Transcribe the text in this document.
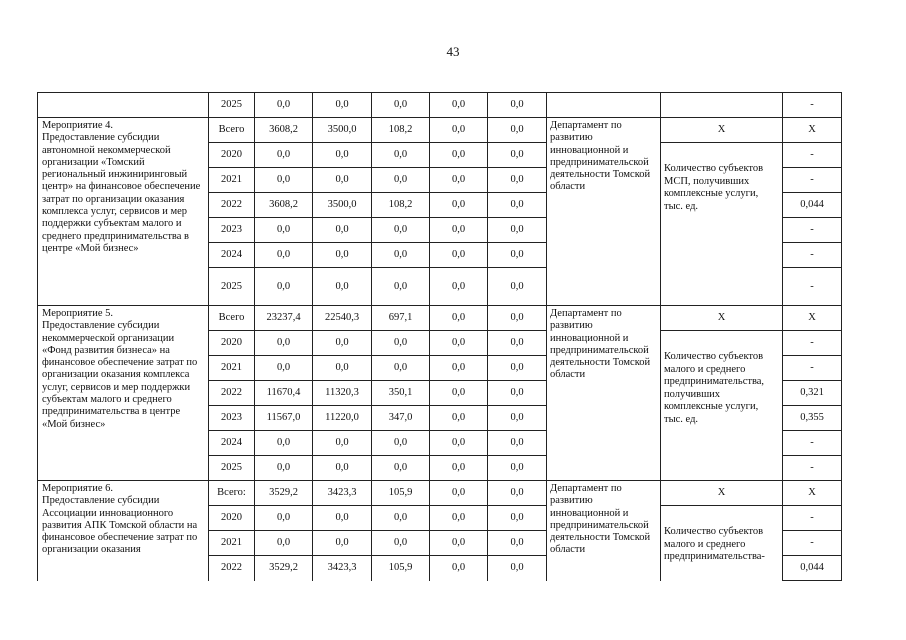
43
	2025	0,0	0,0	0,0	0,0	0,0			-
Мероприятие 4.
Предоставление субсидии автономной некоммерческой организации «Томский региональный инжиниринговый центр» на финансовое обеспечение затрат по организации оказания комплекса услуг, сервисов и мер поддержки субъектам малого и среднего предпринимательства в центре «Мой бизнес»	Всего	3608,2	3500,0	108,2	0,0	0,0	Департамент по развитию инновационной и предпринимательской деятельности Томской области	Х	Х
	2020	0,0	0,0	0,0	0,0	0,0		Количество субъектов МСП, получивших комплексные услуги, тыс. ед.	-
	2021	0,0	0,0	0,0	0,0	0,0			-
	2022	3608,2	3500,0	108,2	0,0	0,0			0,044
	2023	0,0	0,0	0,0	0,0	0,0			-
	2024	0,0	0,0	0,0	0,0	0,0			-
	2025	0,0	0,0	0,0	0,0	0,0			-
Мероприятие 5.
Предоставление субсидии некоммерческой организации «Фонд развития бизнеса» на финансовое обеспечение затрат по организации оказания комплекса услуг, сервисов и мер поддержки субъектам малого и среднего предпринимательства в центре «Мой бизнес»	Всего	23237,4	22540,3	697,1	0,0	0,0	Департамент по развитию инновационной и предпринимательской деятельности Томской области	Х	Х
	2020	0,0	0,0	0,0	0,0	0,0		Количество субъектов малого и среднего предпринимательства, получивших комплексные услуги, тыс. ед.	-
	2021	0,0	0,0	0,0	0,0	0,0			-
	2022	11670,4	11320,3	350,1	0,0	0,0			0,321
	2023	11567,0	11220,0	347,0	0,0	0,0			0,355
	2024	0,0	0,0	0,0	0,0	0,0			-
	2025	0,0	0,0	0,0	0,0	0,0			-
Мероприятие 6.
Предоставление субсидии Ассоциации инновационного развития АПК Томской области на финансовое обеспечение затрат по организации оказания	Всего:	3529,2	3423,3	105,9	0,0	0,0	Департамент по развитию инновационной и предпринимательской деятельности Томской области	Х	Х
	2020	0,0	0,0	0,0	0,0	0,0		Количество субъектов малого и среднего предпринимательства-	-
	2021	0,0	0,0	0,0	0,0	0,0			-
	2022	3529,2	3423,3	105,9	0,0	0,0			0,044
